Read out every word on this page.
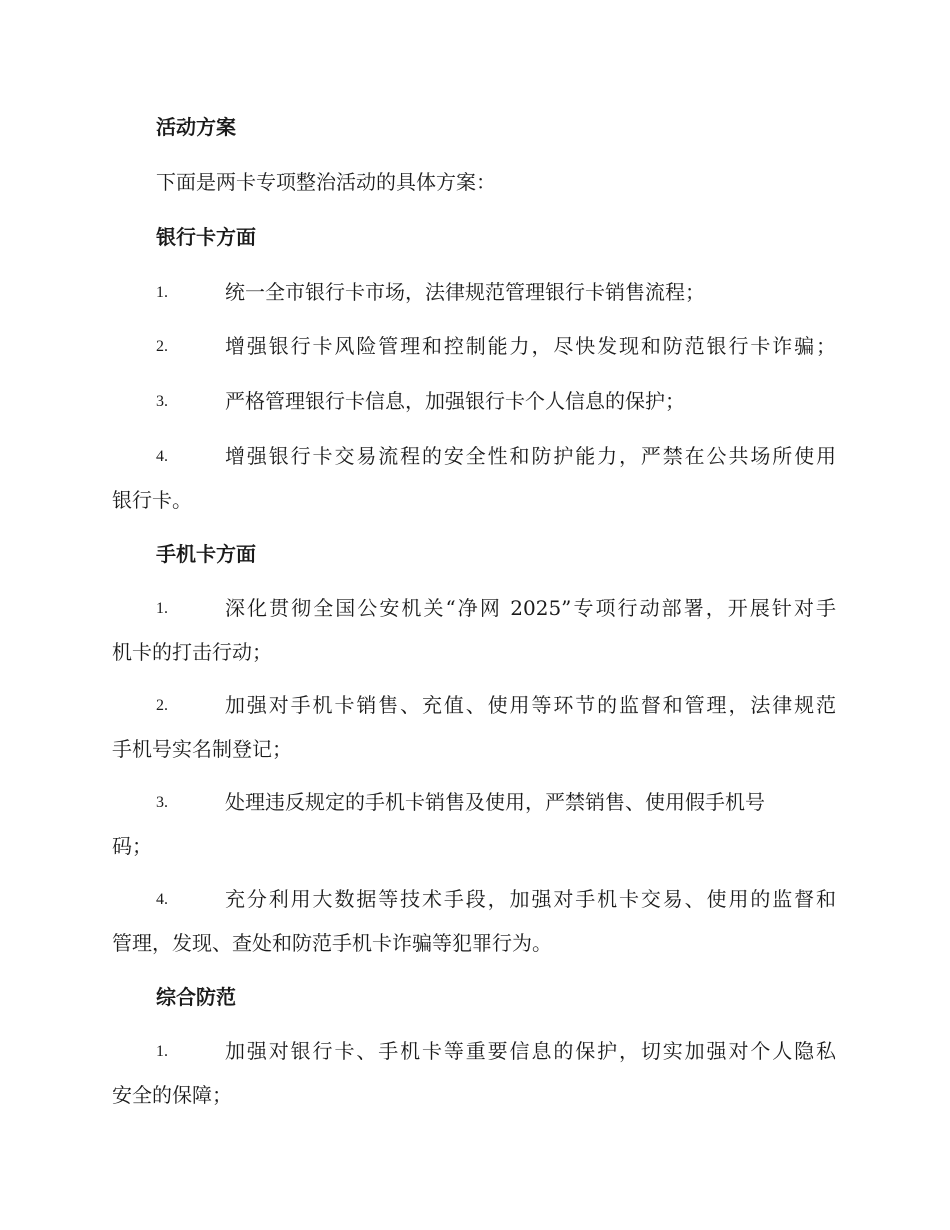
活动方案
下面是两卡专项整治活动的具体方案：
银行卡方面
1.	统一全市银行卡市场，法律规范管理银行卡销售流程；
2.	增强银行卡风险管理和控制能力，尽快发现和防范银行卡诈骗；
3.	严格管理银行卡信息，加强银行卡个人信息的保护；
4.	增强银行卡交易流程的安全性和防护能力，严禁在公共场所使用
银行卡。
手机卡方面
1.	深化贯彻全国公安机关“净网 2025”专项行动部署，开展针对手
机卡的打击行动；
2.	加强对手机卡销售、充值、使用等环节的监督和管理，法律规范
手机号实名制登记；
3.	处理违反规定的手机卡销售及使用，严禁销售、使用假手机号
码；
4.	充分利用大数据等技术手段，加强对手机卡交易、使用的监督和
管理，发现、查处和防范手机卡诈骗等犯罪行为。
综合防范
1.	加强对银行卡、手机卡等重要信息的保护，切实加强对个人隐私
安全的保障；
